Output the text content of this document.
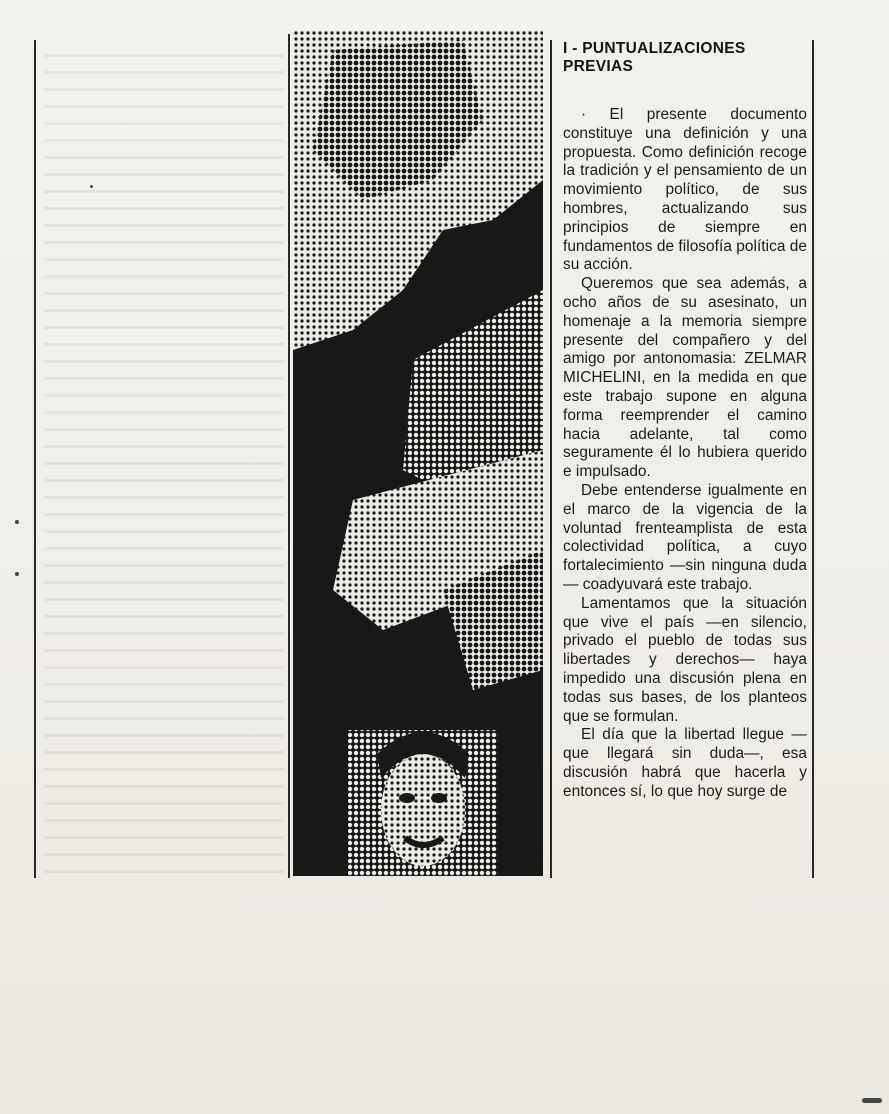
I - PUNTUALIZACIONES PREVIAS

· El presente documento constituye una definición y una propuesta. Como definición recoge la tradición y el pensamiento de un movimiento político, de sus hombres, actualizando sus principios de siempre en fundamentos de filosofía política de su acción.

Queremos que sea además, a ocho años de su asesinato, un homenaje a la memoria siempre presente del compañero y del amigo por antonomasia: ZELMAR MICHELINI, en la medida en que este trabajo supone en alguna forma reemprender el camino hacia adelante, tal como seguramente él lo hubiera querido e impulsado.

Debe entenderse igualmente en el marco de la vigencia de la voluntad frenteamplista de esta colectividad política, a cuyo fortalecimiento —sin ninguna duda— coadyuvará este trabajo.

Lamentamos que la situación que vive el país —en silencio, privado el pueblo de todas sus libertades y derechos— haya impedido una discusión plena en todas sus bases, de los planteos que se formulan.

El día que la libertad llegue —que llegará sin duda—, esa discusión habrá que hacerla y entonces sí, lo que hoy surge de
